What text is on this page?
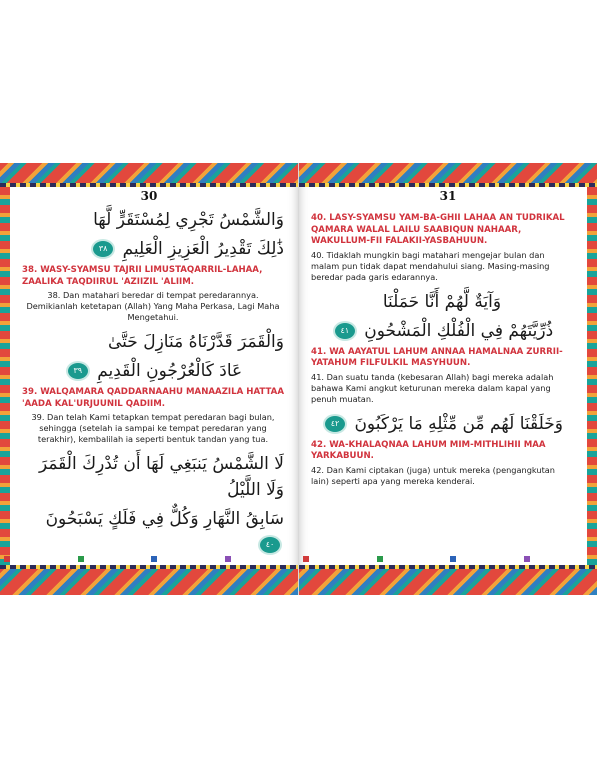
30

وَالشَّمْسُ تَجْرِي لِمُسْتَقَرٍّ لَّهَا

ذَٰلِكَ تَقْدِيرُ الْعَزِيزِ الْعَلِيمِ ٣٨

38. WASY-SYAMSU TAJRII LIMUSTAQARRIL-LAHAA, ZAALIKA TAQDIIRUL 'AZIIZIL 'ALIIM.

38. Dan matahari beredar di tempat peredarannya. Demikianlah ketetapan (Allah) Yang Maha Perkasa, Lagi Maha Mengetahui.

وَالْقَمَرَ قَدَّرْنَاهُ مَنَازِلَ حَتَّىٰ

عَادَ كَالْعُرْجُونِ الْقَدِيمِ ٣٩

39. WALQAMARA QADDARNAAHU MANAAZILA HATTAA 'AADA KAL'URJUUNIL QADIIM.

39. Dan telah Kami tetapkan tempat peredaran bagi bulan, sehingga (setelah ia sampai ke tempat peredaran yang terakhir), kembalilah ia seperti bentuk tandan yang tua.

لَا الشَّمْسُ يَنبَغِي لَهَا أَن تُدْرِكَ الْقَمَرَ وَلَا اللَّيْلُ

سَابِقُ النَّهَارِ وَكُلٌّ فِي فَلَكٍ يَسْبَحُونَ ٤٠

31

40. LASY-SYAMSU YAM-BA-GHII LAHAA AN TUDRIKAL QAMARA WALAL LAILU SAABIQUN NAHAAR, WAKULLUM-FII FALAKII-YASBAHUUN.

40. Tidaklah mungkin bagi matahari mengejar bulan dan malam pun tidak dapat mendahului siang. Masing-masing beredar pada garis edarannya.

وَآيَةٌ لَّهُمْ أَنَّا حَمَلْنَا

ذُرِّيَّتَهُمْ فِي الْفُلْكِ الْمَشْحُونِ ٤١

41. WA AAYATUL LAHUM ANNAA HAMALNAA ZURRII-YATAHUM FILFULKIL MASYHUUN.

41. Dan suatu tanda (kebesaran Allah) bagi mereka adalah bahawa Kami angkut keturunan mereka dalam kapal yang penuh muatan.

وَخَلَقْنَا لَهُم مِّن مِّثْلِهِ مَا يَرْكَبُونَ ٤٢

42. WA-KHALAQNAA LAHUM MIM-MITHLIHII MAA YARKABUUN.

42. Dan Kami ciptakan (juga) untuk mereka (pengangkutan lain) seperti apa yang mereka kenderai.
